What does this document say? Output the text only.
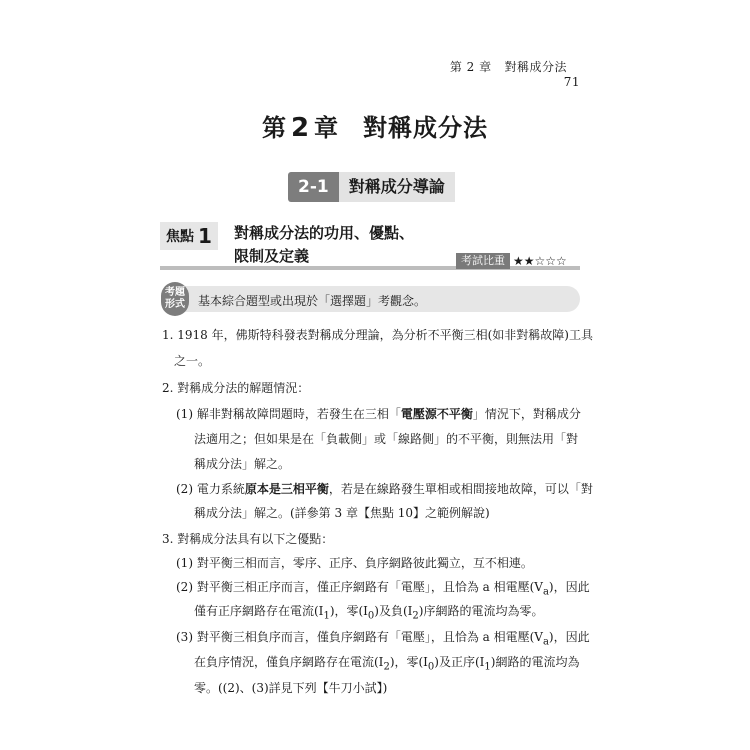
第 2 章 對稱成分法    71
第 2 章 對稱成分法
2-1	對稱成分導論
焦點 1 對稱成分法的功用、優點、
限制及定義	考試比重 ★★☆☆☆
考題
形式 基本綜合題型或出現於「選擇題」考觀念。
1. 1918 年，佛斯特科發表對稱成分理論，為分析不平衡三相(如非對稱故障)工具
之一。
2. 對稱成分法的解題情況：
(1) 解非對稱故障問題時，若發生在三相「電壓源不平衡」情況下，對稱成分
法適用之；但如果是在「負載側」或「線路側」的不平衡，則無法用「對
稱成分法」解之。
(2) 電力系統原本是三相平衡，若是在線路發生單相或相間接地故障，可以「對
稱成分法」解之。(詳參第 3 章【焦點 10】之範例解說)
3. 對稱成分法具有以下之優點：
(1) 對平衡三相而言，零序、正序、負序網路彼此獨立，互不相連。
(2) 對平衡三相正序而言，僅正序網路有「電壓」，且恰為 a 相電壓$(V_a)$，因此
僅有正序網路存在電流$(I_1)$，零$(I_0)$及負$(I_2)$序網路的電流均為零。
(3) 對平衡三相負序而言，僅負序網路有「電壓」，且恰為 a 相電壓$(V_a)$，因此
在負序情況，僅負序網路存在電流$(I_2)$，零$(I_0)$及正序$(I_1)$網路的電流均為
零。((2)、(3)詳見下列【牛刀小試】)
